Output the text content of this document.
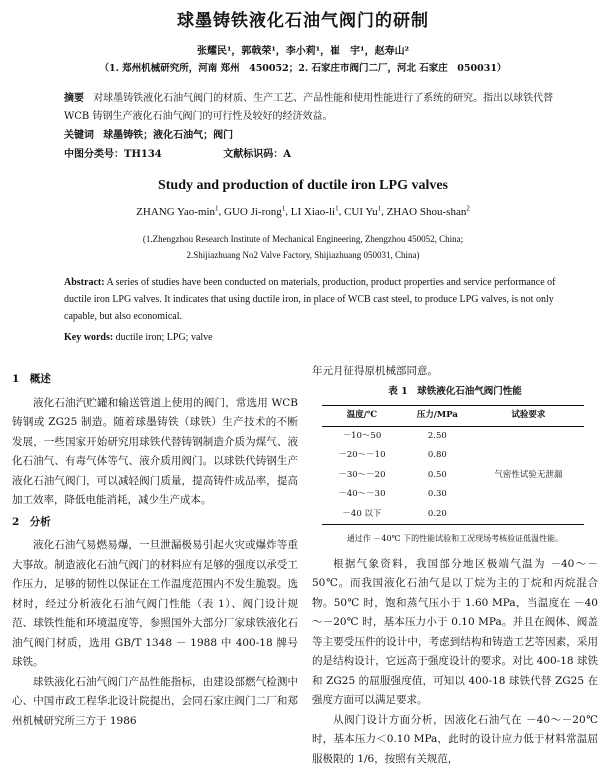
球墨铸铁液化石油气阀门的研制
张耀民¹，郭戟荣¹，李小莉¹，崔　宇¹，赵寿山²
（1. 郑州机械研究所，河南 郑州　450052；2. 石家庄市阀门二厂，河北 石家庄　050031）
摘要 对球墨铸铁液化石油气阀门的材质、生产工艺、产品性能和使用性能进行了系统的研究。指出以球铁代替 WCB 铸钢生产液化石油气阀门的可行性及较好的经济效益。
关键词 球墨铸铁；液化石油气；阀门
中图分类号：TH134	文献标识码：A
Study and production of ductile iron LPG valves
ZHANG Yao-$\min^1$, GUO Ji-rong$^1$, LI Xiao-$li^1$, CUI Yu$^1$, ZHAO Shou-shan$^2$
(1.Zhengzhou Research Institute of Mechanical Engineering, Zhengzhou 450052, China;
2.Shijiazhuang No2 Valve Factory, Shijiazhuang 050031, China)
Abstract: A series of studies have been conducted on materials, production, product properties and service performance of ductile iron LPG valves. It indicates that using ductile iron, in place of WCB cast steel, to produce LPG valves, is not only capable, but also economical.
Key words: ductile iron; LPG; valve
1　概述

液化石油汽贮罐和输送管道上使用的阀门，常选用 WCB 铸钢或 ZG25 制造。随着球墨铸铁（球铁）生产技术的不断发展，一些国家开始研究用球铁代替铸钢制造介质为煤气、液化石油气、有毒气体等气、液介质用阀门。以球铁代铸钢生产液化石油气阀门，可以减轻阀门质量，提高铸件成品率，提高加工效率，降低电能消耗，减少生产成本。

2　分析

液化石油气易燃易爆，一旦泄漏极易引起火灾或爆炸等重大事故。制造液化石油气阀门的材料应有足够的强度以承受工作压力，足够的韧性以保证在工作温度范围内不发生脆裂。选材时，经过分析液化石油气阀门性能（表 1）、阀门设计规范、球铁性能和环境温度等，参照国外大部分厂家球铁液化石油气阀门材质，选用 GB/T 1348 － 1988 中 400-18 牌号球铁。

球铁液化石油气阀门产品性能指标，由建设部燃气检测中心、中国市政工程华北设计院提出，会同石家庄阀门二厂和郑州机械研究所三方于 1986

年元月征得原机械部同意。

表 1　球铁液化石油气阀门性能
温度/℃	压力/MPa	试验要求
－10～50	2.50	气密性试验无泄漏
－20～－10	0.80	
－30～－20	0.50	
－40～－30	0.30	
－40 以下	0.20	
通过作 －40℃ 下的性能试验和工况现场考核验证低温性能。

根据气象资料，我国部分地区极端气温为 －40～－50℃。而我国液化石油气是以丁烷为主的丁烷和丙烷混合物。50℃ 时，饱和蒸气压小于 1.60 MPa，当温度在 －40～－20℃ 时，基本压力小于 0.10 MPa。并且在阀体、阀盖等主要受压件的设计中，考虑到结构和铸造工艺等因素，采用的是结构设计，它远高于强度设计的要求。对比 400-18 球铁和 ZG25 的屈服强度值，可知以 400-18 球铁代替 ZG25 在强度方面可以满足要求。

从阀门设计方面分析，因液化石油气在 －40～－20℃ 时，基本压力＜0.10 MPa，此时的设计应力低于材料常温屈服极限的 1/6，按照有关规范，
